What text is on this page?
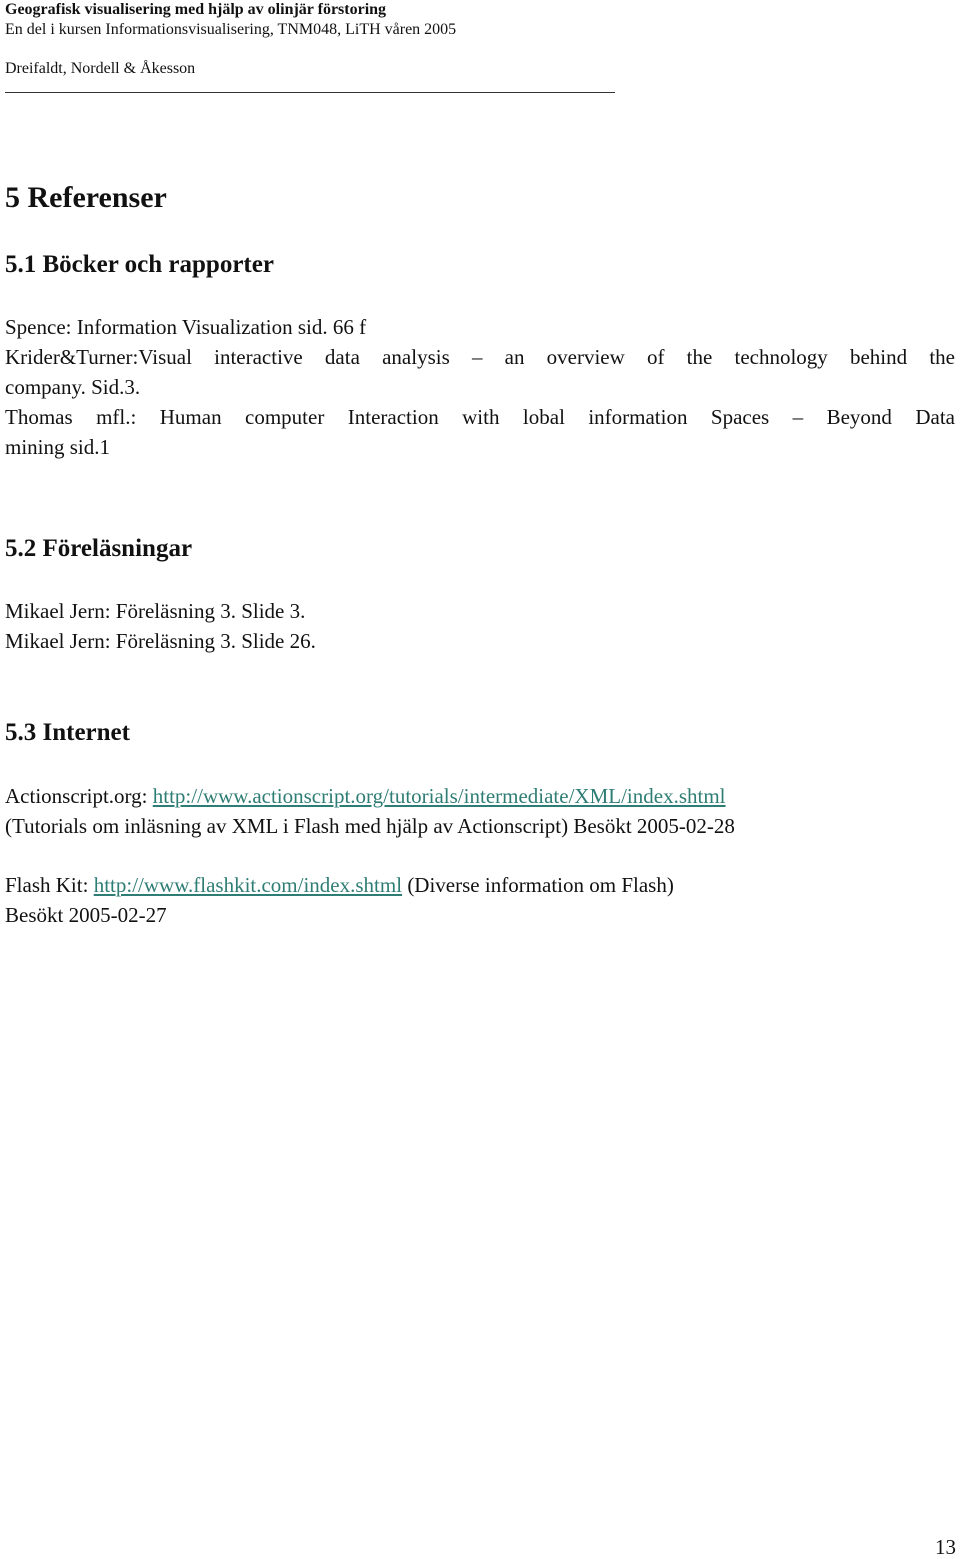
Geografisk visualisering med hjälp av olinjär förstoring
En del i kursen Informationsvisualisering, TNM048, LiTH våren 2005
Dreifaldt, Nordell & Åkesson
5 Referenser
5.1 Böcker och rapporter
Spence: Information Visualization sid. 66 f
Krider&Turner:Visual interactive data analysis – an overview of the technology behind the
company. Sid.3.
Thomas mfl.: Human computer Interaction with lobal information Spaces – Beyond Data
mining sid.1
5.2 Föreläsningar
Mikael Jern: Föreläsning 3. Slide 3.
Mikael Jern: Föreläsning 3. Slide 26.
5.3 Internet
Actionscript.org: http://www.actionscript.org/tutorials/intermediate/XML/index.shtml
(Tutorials om inläsning av XML i Flash med hjälp av Actionscript) Besökt 2005-02-28
Flash Kit: http://www.flashkit.com/index.shtml (Diverse information om Flash)
Besökt 2005-02-27
13
